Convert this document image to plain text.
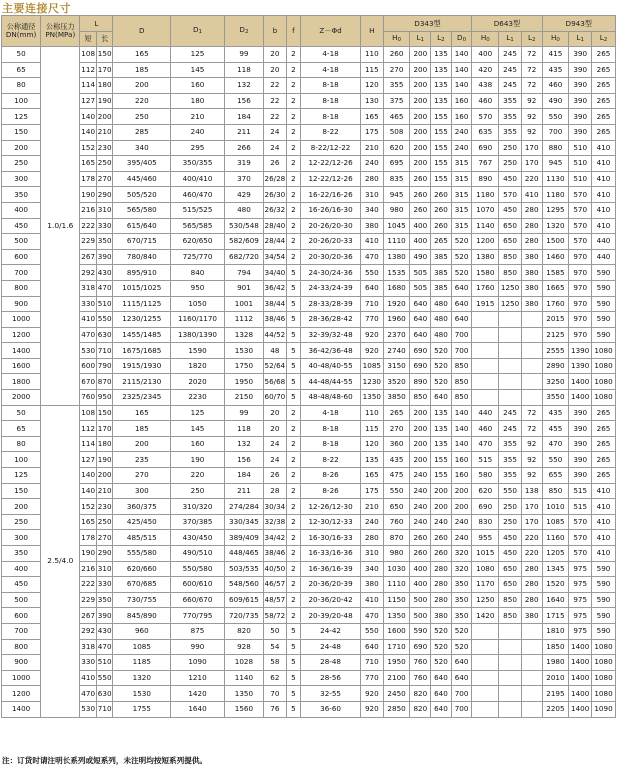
主要连接尺寸
公称通径
DN(mm)	公称压力
PN(MPa)	L		D	$D_1$	$D_2$	b	f	Z－Φd	H	D343型				D643型			D943型		
		短	长								$H_0$	$L_1$	$L_2$	$D_0$	$H_0$	$L_1$	$L_2$	$H_0$	$L_1$	$L_2$
50	1.0/1.6	108	150	165	125	99	20	2	4-18	110	260	200	135	140	400	245	72	415	390	265
65		112	170	185	145	118	20	2	4-18	115	270	200	135	140	420	245	72	435	390	265
80		114	180	200	160	132	22	2	8-18	120	355	200	135	140	438	245	72	460	390	265
100		127	190	220	180	156	22	2	8-18	130	375	200	135	160	460	355	92	490	390	265
125		140	200	250	210	184	22	2	8-18	165	465	200	155	160	570	355	92	550	390	265
150		140	210	285	240	211	24	2	8-22	175	508	200	155	240	635	355	92	700	390	265
200		152	230	340	295	266	24	2	8-22/12-22	210	620	200	155	240	690	250	170	880	510	410
250		165	250	395/405	350/355	319	26	2	12-22/12-26	240	695	200	155	315	767	250	170	945	510	410
300		178	270	445/460	400/410	370	26/28	2	12-22/12-26	280	835	260	155	315	890	450	220	1130	510	410
350		190	290	505/520	460/470	429	26/30	2	16-22/16-26	310	945	260	260	315	1180	570	410	1180	570	410
400		216	310	565/580	515/525	480	26/32	2	16-26/16-30	340	980	260	260	315	1070	450	280	1295	570	410
450		222	330	615/640	565/585	530/548	28/40	2	20-26/20-30	380	1045	400	260	315	1140	650	280	1320	570	410
500		229	350	670/715	620/650	582/609	28/44	2	20-26/20-33	410	1110	400	265	520	1200	650	280	1500	570	440
600		267	390	780/840	725/770	682/720	34/54	2	20-30/20-36	470	1380	490	385	520	1380	850	380	1460	970	440
700		292	430	895/910	840	794	34/40	5	24-30/24-36	550	1535	505	385	520	1580	850	380	1585	970	590
800		318	470	1015/1025	950	901	36/42	5	24-33/24-39	640	1680	505	385	640	1760	1250	380	1665	970	590
900		330	510	1115/1125	1050	1001	38/44	5	28-33/28-39	710	1920	640	480	640	1915	1250	380	1760	970	590
1000		410	550	1230/1255	1160/1170	1112	38/46	5	28-36/28-42	770	1960	640	480	640				2015	970	590
1200		470	630	1455/1485	1380/1390	1328	44/52	5	32-39/32-48	920	2370	640	480	700				2125	970	590
1400		530	710	1675/1685	1590	1530	48	5	36-42/36-48	920	2740	690	520	700				2555	1390	1080
1600		600	790	1915/1930	1820	1750	52/64	5	40-48/40-55	1085	3150	690	520	850				2890	1390	1080
1800		670	870	2115/2130	2020	1950	56/68	5	44-48/44-55	1230	3520	890	520	850				3250	1400	1080
2000		760	950	2325/2345	2230	2150	60/70	5	48-48/48-60	1350	3850	850	640	850				3550	1400	1080
50	2.5/4.0	108	150	165	125	99	20	2	4-18	110	265	200	135	140	440	245	72	435	390	265
65		112	170	185	145	118	20	2	8-18	115	270	200	135	140	460	245	72	455	390	265
80		114	180	200	160	132	24	2	8-18	120	360	200	135	140	470	355	92	470	390	265
100		127	190	235	190	156	24	2	8-22	135	435	200	155	160	515	355	92	550	390	265
125		140	200	270	220	184	26	2	8-26	165	475	240	155	160	580	355	92	655	390	265
150		140	210	300	250	211	28	2	8-26	175	550	240	200	200	620	550	138	850	515	410
200		152	230	360/375	310/320	274/284	30/34	2	12-26/12-30	210	650	240	200	200	690	250	170	1010	515	410
250		165	250	425/450	370/385	330/345	32/38	2	12-30/12-33	240	760	240	240	240	830	250	170	1085	570	410
300		178	270	485/515	430/450	389/409	34/42	2	16-30/16-33	280	870	260	260	240	955	450	220	1160	570	410
350		190	290	555/580	490/510	448/465	38/46	2	16-33/16-36	310	980	260	260	320	1015	450	220	1205	570	410
400		216	310	620/660	550/580	503/535	40/50	2	16-36/16-39	340	1030	400	280	320	1080	650	280	1345	975	590
450		222	330	670/685	600/610	548/560	46/57	2	20-36/20-39	380	1110	400	280	350	1170	650	280	1520	975	590
500		229	350	730/755	660/670	609/615	48/57	2	20-36/20-42	410	1150	500	280	350	1250	850	280	1640	975	590
600		267	390	845/890	770/795	720/735	58/72	2	20-39/20-48	470	1350	500	380	350	1420	850	380	1715	975	590
700		292	430	960	875	820	50	5	24-42	550	1600	590	520	520				1810	975	590
800		318	470	1085	990	928	54	5	24-48	640	1710	690	520	520				1850	1400	1080
900		330	510	1185	1090	1028	58	5	28-48	710	1950	760	520	640				1980	1400	1080
1000		410	550	1320	1210	1140	62	5	28-56	770	2100	760	640	640				2010	1400	1080
1200		470	630	1530	1420	1350	70	5	32-55	920	2450	820	640	700				2195	1400	1080
1400		530	710	1755	1640	1560	76	5	36-60	920	2850	820	640	700				2205	1400	1090
注：订货时请注明长系列或短系列，未注明均按短系列提供。
